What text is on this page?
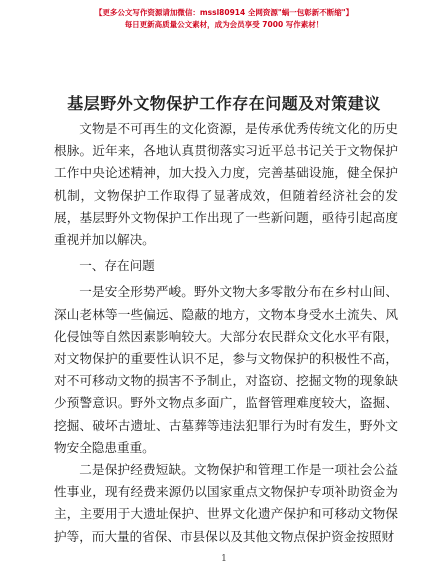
【更多公文写作资源请加微信：mssl80914 全网资源"蜗一包彰新不断缩"】
每日更新高质量公文素材，成为会员享受 7000 写作素材！
基层野外文物保护工作存在问题及对策建议

文物是不可再生的文化资源，是传承优秀传统文化的历史根脉。近年来，各地认真贯彻落实习近平总书记关于文物保护工作中央论述精神，加大投入力度，完善基础设施，健全保护机制，文物保护工作取得了显著成效，但随着经济社会的发展，基层野外文物保护工作出现了一些新问题，亟待引起高度重视并加以解决。

一、存在问题

一是安全形势严峻。野外文物大多零散分布在乡村山间、深山老林等一些偏远、隐蔽的地方，文物本身受水土流失、风化侵蚀等自然因素影响较大。大部分农民群众文化水平有限，对文物保护的重要性认识不足，参与文物保护的积极性不高，对不可移动文物的损害不予制止，对盗窃、挖掘文物的现象缺少预警意识。野外文物点多面广，监督管理难度较大，盗掘、挖掘、破坏古遗址、古墓葬等违法犯罪行为时有发生，野外文物安全隐患重重。

二是保护经费短缺。文物保护和管理工作是一项社会公益性事业，现有经费来源仍以国家重点文物保护专项补助资金为主，主要用于大遗址保护、世界文化遗产保护和可移动文物保护等，而大量的省保、市县保以及其他文物点保护资金按照财

1
